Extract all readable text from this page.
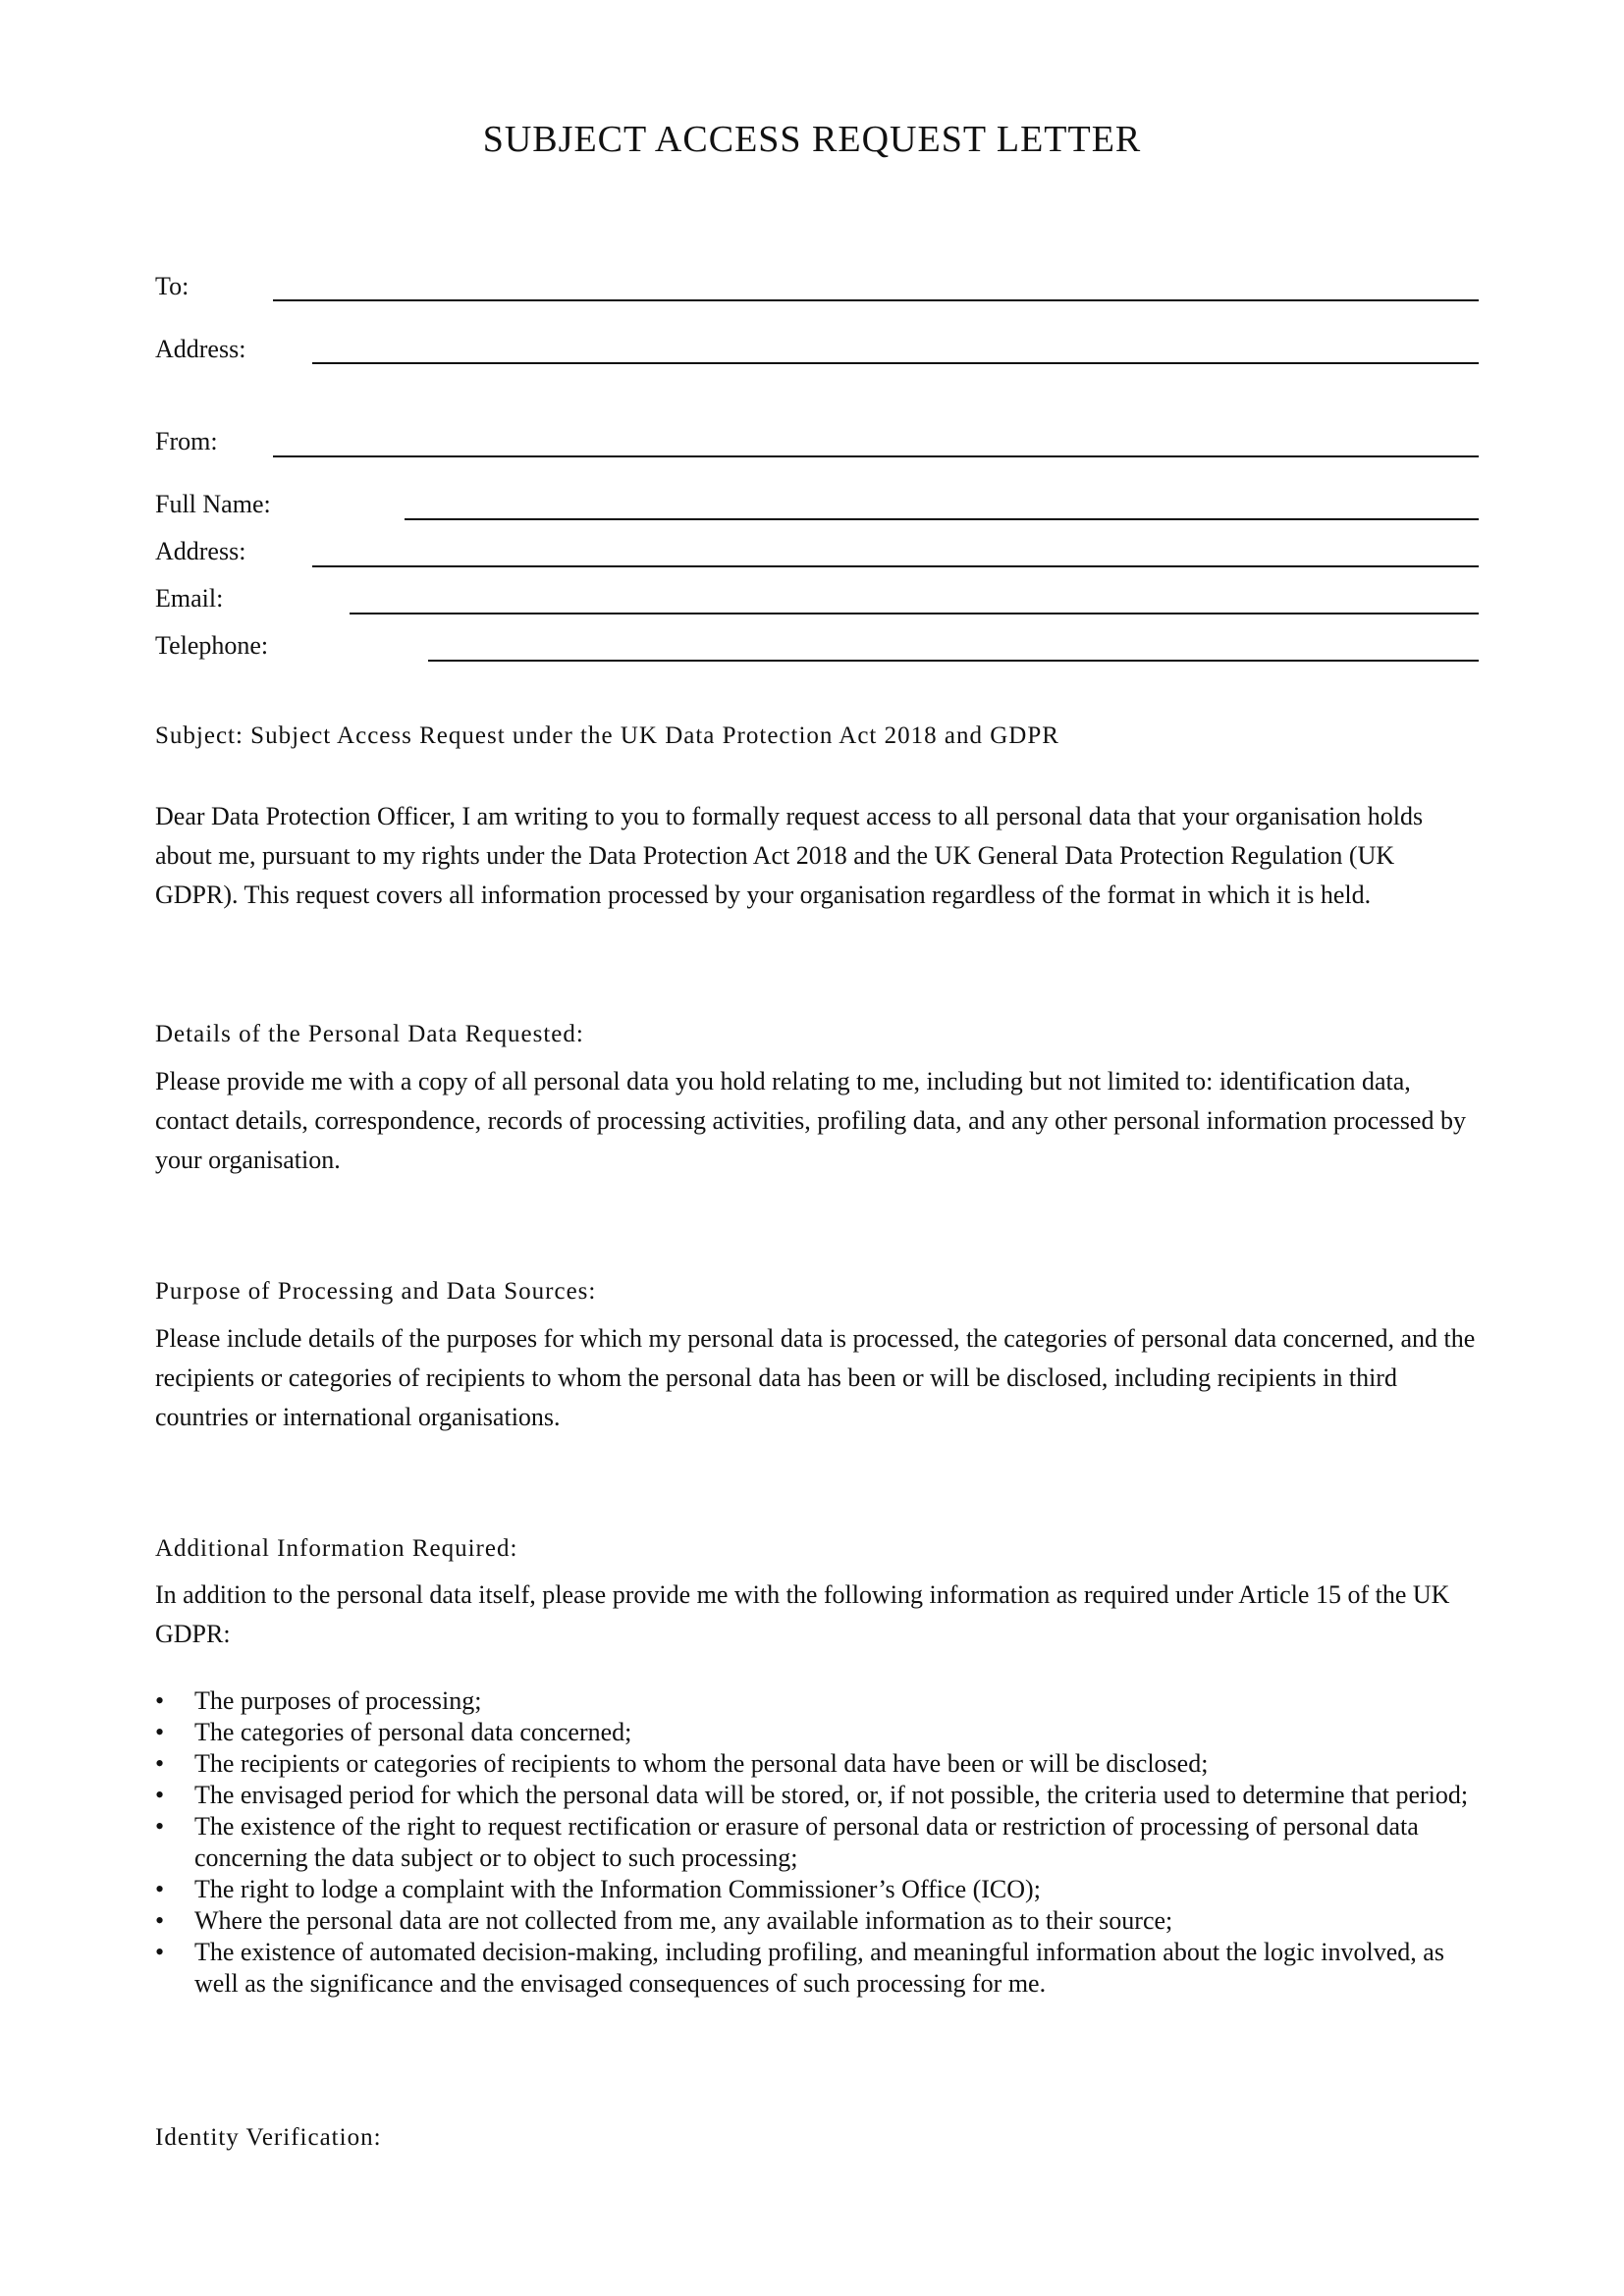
SUBJECT ACCESS REQUEST LETTER
To:
Address:
From:
Full Name:
Address:
Email:
Telephone:
Subject: Subject Access Request under the UK Data Protection Act 2018 and GDPR
Dear Data Protection Officer, I am writing to you to formally request access to all personal data that your organisation holds about me, pursuant to my rights under the Data Protection Act 2018 and the UK General Data Protection Regulation (UK GDPR). This request covers all information processed by your organisation regardless of the format in which it is held.
Details of the Personal Data Requested:
Please provide me with a copy of all personal data you hold relating to me, including but not limited to: identification data, contact details, correspondence, records of processing activities, profiling data, and any other personal information processed by your organisation.
Purpose of Processing and Data Sources:
Please include details of the purposes for which my personal data is processed, the categories of personal data concerned, and the recipients or categories of recipients to whom the personal data has been or will be disclosed, including recipients in third countries or international organisations.
Additional Information Required:
In addition to the personal data itself, please provide me with the following information as required under Article 15 of the UK GDPR:
• The purposes of processing;
• The categories of personal data concerned;
• The recipients or categories of recipients to whom the personal data have been or will be disclosed;
• The envisaged period for which the personal data will be stored, or, if not possible, the criteria used to determine that period;
• The existence of the right to request rectification or erasure of personal data or restriction of processing of personal data concerning the data subject or to object to such processing;
• The right to lodge a complaint with the Information Commissioner’s Office (ICO);
• Where the personal data are not collected from me, any available information as to their source;
• The existence of automated decision-making, including profiling, and meaningful information about the logic involved, as well as the significance and the envisaged consequences of such processing for me.
Identity Verification:
